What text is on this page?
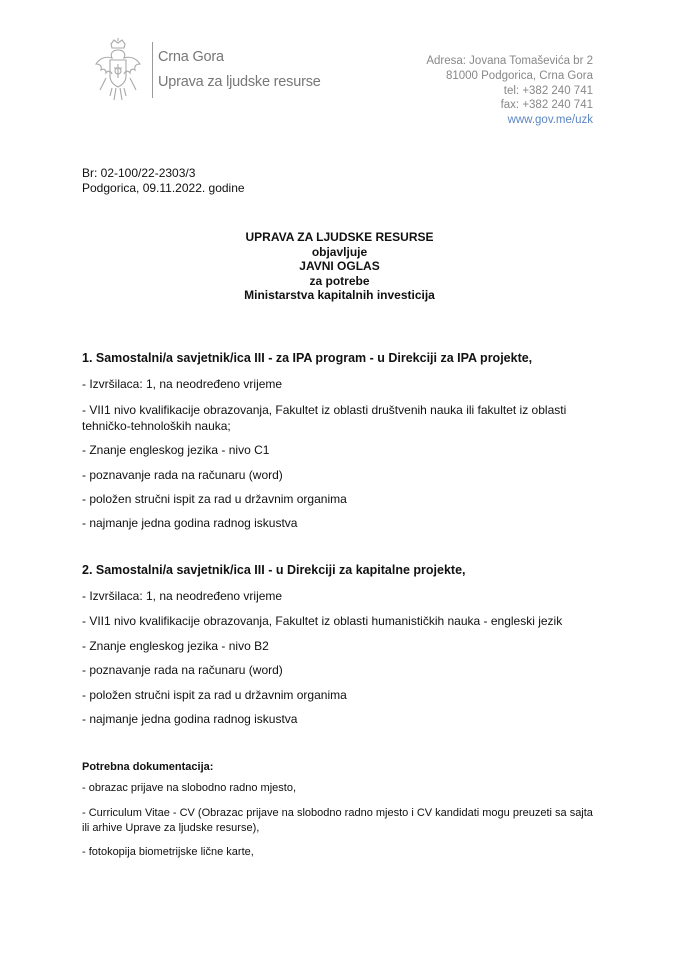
Crna Gora
Uprava za ljudske resurse
Adresa: Jovana Tomaševića br 2
81000 Podgorica, Crna Gora
tel: +382 240 741
fax: +382 240 741
www.gov.me/uzk
Br: 02-100/22-2303/3
Podgorica, 09.11.2022. godine
UPRAVA ZA LJUDSKE RESURSE
objavljuje
JAVNI OGLAS
za potrebe
Ministarstva kapitalnih investicija
1. Samostalni/a savjetnik/ica III - za IPA program - u Direkciji za IPA projekte,
- Izvršilaca: 1, na neodređeno vrijeme
- VII1 nivo kvalifikacije obrazovanja, Fakultet iz oblasti društvenih nauka ili fakultet iz oblasti tehničko-tehnoloških nauka;
- Znanje engleskog jezika - nivo C1
- poznavanje rada na računaru (word)
- položen stručni ispit za rad u državnim organima
- najmanje jedna godina radnog iskustva
2. Samostalni/a savjetnik/ica III - u Direkciji za kapitalne projekte,
- Izvršilaca: 1, na neodređeno vrijeme
- VII1 nivo kvalifikacije obrazovanja, Fakultet iz oblasti humanističkih nauka - engleski jezik
- Znanje engleskog jezika - nivo B2
- poznavanje rada na računaru (word)
- položen stručni ispit za rad u državnim organima
- najmanje jedna godina radnog iskustva
Potrebna dokumentacija:
- obrazac prijave na slobodno radno mjesto,
- Curriculum Vitae - CV (Obrazac prijave na slobodno radno mjesto i CV kandidati mogu preuzeti sa sajta ili arhive Uprave za ljudske resurse),
- fotokopija biometrijske lične karte,
